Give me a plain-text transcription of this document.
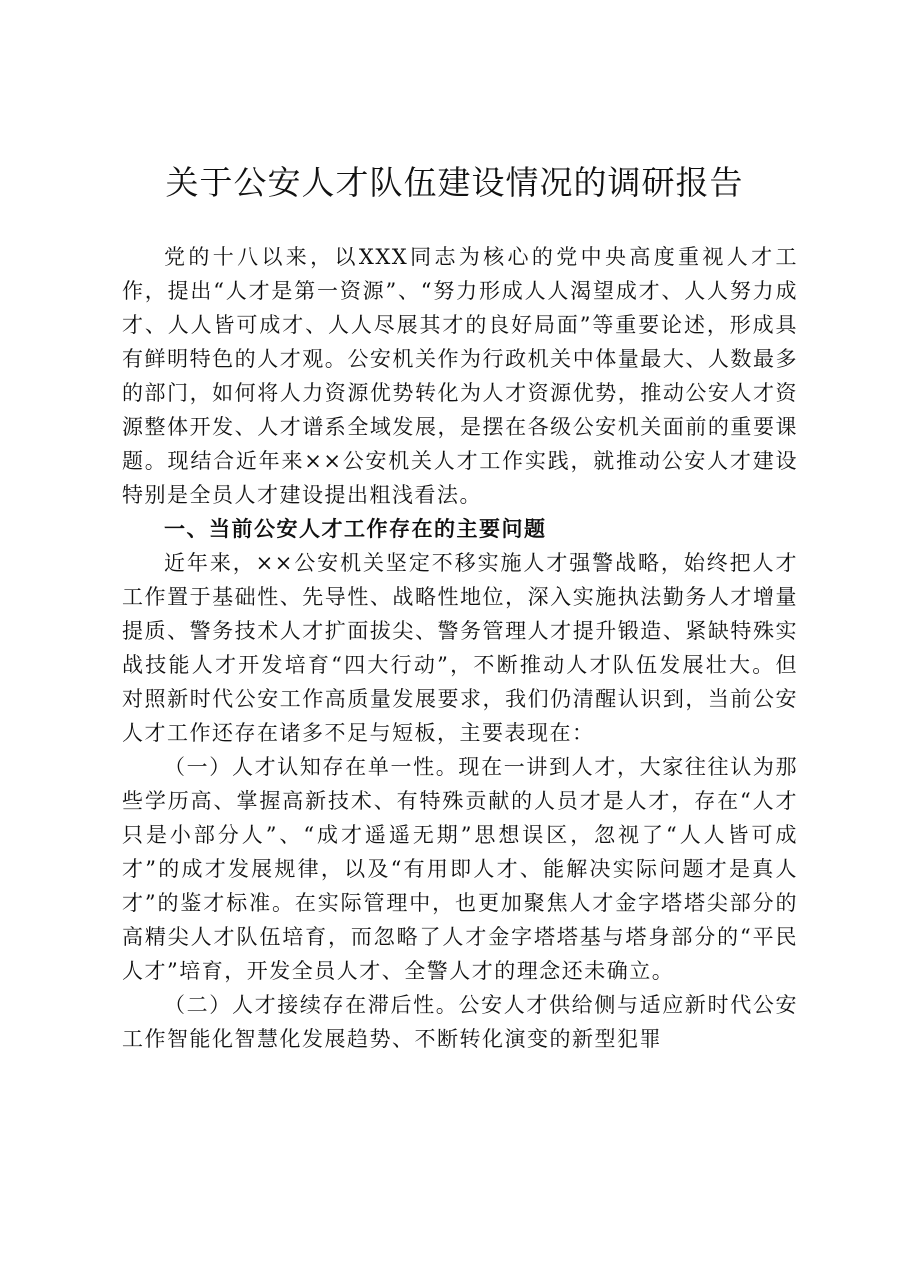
关于公安人才队伍建设情况的调研报告

党的十八以来，以XXX同志为核心的党中央高度重视人才工作，提出“人才是第一资源”、“努力形成人人渴望成才、人人努力成才、人人皆可成才、人人尽展其才的良好局面”等重要论述，形成具有鲜明特色的人才观。公安机关作为行政机关中体量最大、人数最多的部门，如何将人力资源优势转化为人才资源优势，推动公安人才资源整体开发、人才谱系全域发展，是摆在各级公安机关面前的重要课题。现结合近年来××公安机关人才工作实践，就推动公安人才建设特别是全员人才建设提出粗浅看法。

一、当前公安人才工作存在的主要问题

近年来，××公安机关坚定不移实施人才强警战略，始终把人才工作置于基础性、先导性、战略性地位，深入实施执法勤务人才增量提质、警务技术人才扩面拔尖、警务管理人才提升锻造、紧缺特殊实战技能人才开发培育“四大行动”，不断推动人才队伍发展壮大。但对照新时代公安工作高质量发展要求，我们仍清醒认识到，当前公安人才工作还存在诸多不足与短板，主要表现在：

（一）人才认知存在单一性。现在一讲到人才，大家往往认为那些学历高、掌握高新技术、有特殊贡献的人员才是人才，存在“人才只是小部分人”、“成才遥遥无期”思想误区，忽视了“人人皆可成才”的成才发展规律，以及“有用即人才、能解决实际问题才是真人才”的鉴才标准。在实际管理中，也更加聚焦人才金字塔塔尖部分的高精尖人才队伍培育，而忽略了人才金字塔塔基与塔身部分的“平民人才”培育，开发全员人才、全警人才的理念还未确立。

（二）人才接续存在滞后性。公安人才供给侧与适应新时代公安工作智能化智慧化发展趋势、不断转化演变的新型犯罪
